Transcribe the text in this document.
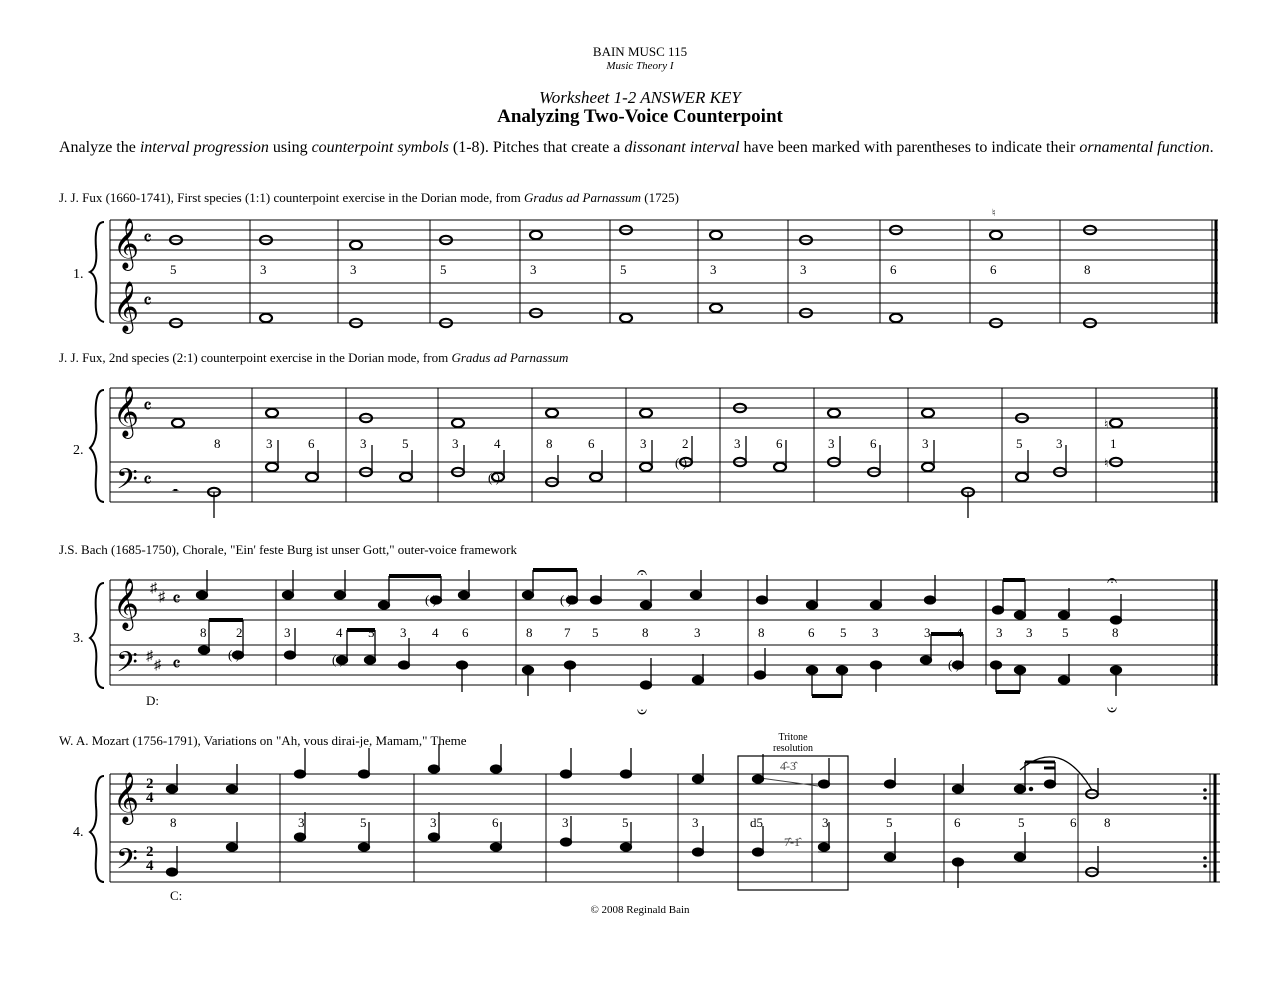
BAIN MUSC 115
Music Theory I
Worksheet 1-2 ANSWER KEY
Analyzing Two-Voice Counterpoint
Analyze the interval progression using counterpoint symbols (1-8). Pitches that create a dissonant interval have been marked with parentheses to indicate their ornamental function.
J. J. Fux (1660-1741), First species (1:1) counterpoint exercise in the Dorian mode, from Gradus ad Parnassum (1725)
J. J. Fux, 2nd species (2:1) counterpoint exercise in the Dorian mode, from Gradus ad Parnassum
J.S. Bach (1685-1750), Chorale, "Ein' feste Burg ist unser Gott," outer-voice framework
W. A. Mozart (1756-1791), Variations on "Ah, vous dirai-je, Mamam," Theme
𝄞
𝄞
𝄴
𝄴
1.
♮
5	3	3	5	3	5	3	3	6	6	8
𝄞
𝄢
𝄴
𝄴
2.
♮
𝄼
( )
( )	♮
8	3	6	3	5	3	4	8	6	3	2	3	6	3	6	3	5	3	1
𝄞
𝄢
♯
♯
♯
♯
𝄴
𝄴
3.
D:
( )	( )
𝄐	𝄐
( )	( )
𝄑
( )
𝄑
8 2	3	4 5 3 4 6	8 7 5	8	3	8	6 5 3	3 4	3 3 5	8
Tritone
resolution
𝄞
𝄢
2
4
2
4
4.
C:
4̂-3̂
7̂-1̂
8	3	5	3	6	3	5	3	d5	3	5	6	5	6 8
© 2008 Reginald Bain
